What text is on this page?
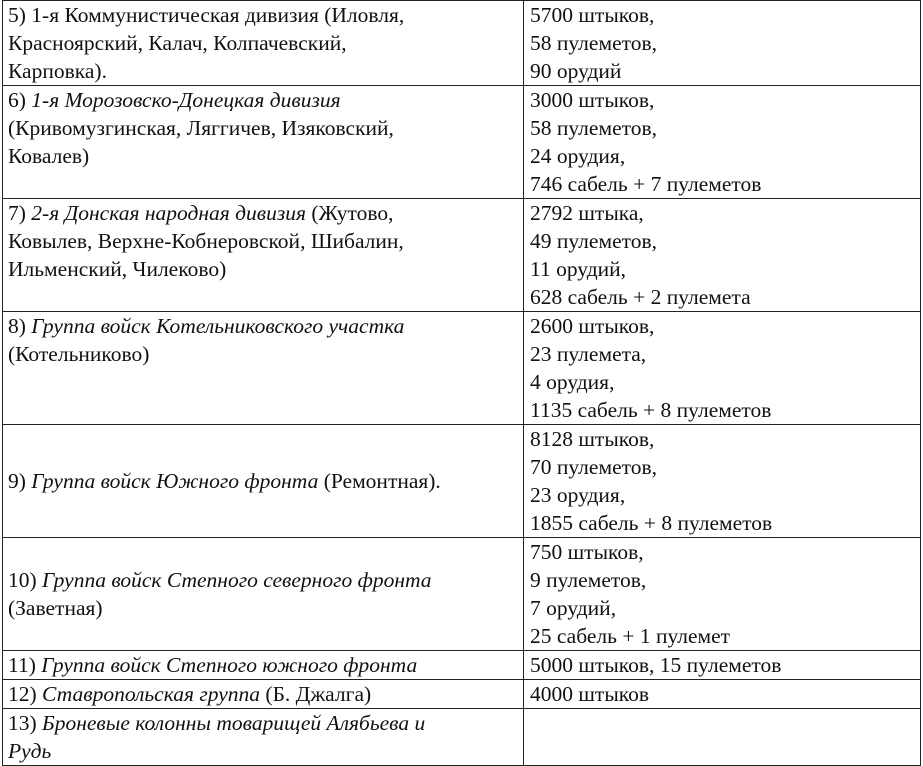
5) 1-я Коммунистическая дивизия (Иловля,
Красноярский, Калач, Колпачевский,
Карповка).	5700 штыков,
58 пулеметов,
90 орудий

6) 1-я Морозовско-Донецкая дивизия
(Кривомузгинская, Ляггичев, Изяковский,
Ковалев)	3000 штыков,
58 пулеметов,
24 орудия,
746 сабель + 7 пулеметов

7) 2-я Донская народная дивизия (Жутово,
Ковылев, Верхне-Кобнеровской, Шибалин,
Ильменский, Чилеково)	2792 штыка,
49 пулеметов,
11 орудий,
628 сабель + 2 пулемета

8) Группа войск Котельниковского участка
(Котельниково)	2600 штыков,
23 пулемета,
4 орудия,
1135 сабель + 8 пулеметов

9) Группа войск Южного фронта (Ремонтная).	8128 штыков,
70 пулеметов,
23 орудия,
1855 сабель + 8 пулеметов

10) Группа войск Степного северного фронта
(Заветная)	750 штыков,
9 пулеметов,
7 орудий,
25 сабель + 1 пулемет

11) Группа войск Степного южного фронта	5000 штыков, 15 пулеметов

12) Ставропольская группа (Б. Джалга)	4000 штыков

13) Броневые колонны товарищей Алябьева и
Рудь	
